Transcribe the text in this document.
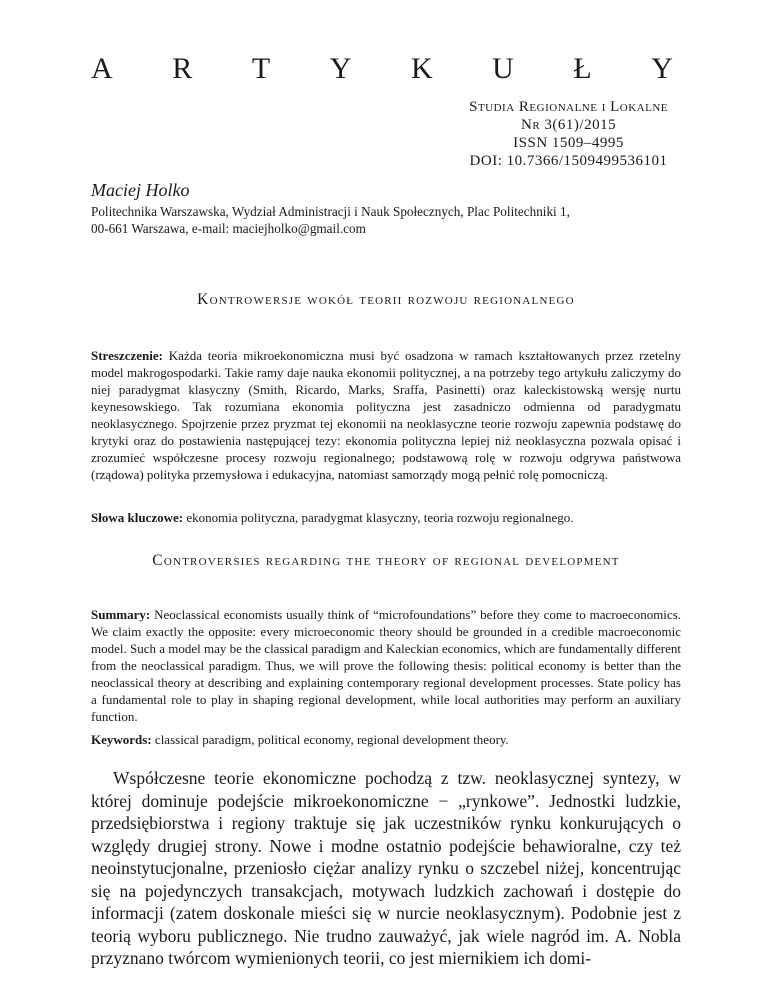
A R T Y K U Ł Y
Studia Regionalne i Lokalne
Nr 3(61)/2015
ISSN 1509–4995
DOI: 10.7366/1509499536101
Maciej Holko
Politechnika Warszawska, Wydział Administracji i Nauk Społecznych, Plac Politechniki 1,
00-661 Warszawa, e-mail: maciejholko@gmail.com
Kontrowersje wokół teorii rozwoju regionalnego
Streszczenie: Każda teoria mikroekonomiczna musi być osadzona w ramach kształtowanych przez rzetelny model makrogospodarki. Takie ramy daje nauka ekonomii politycznej, a na potrzeby tego artykułu zaliczymy do niej paradygmat klasyczny (Smith, Ricardo, Marks, Sraffa, Pasinetti) oraz kaleckistowską wersję nurtu keynesowskiego. Tak rozumiana ekonomia polityczna jest zasadniczo odmienna od paradygmatu neoklasycznego. Spojrzenie przez pryzmat tej ekonomii na neoklasyczne teorie rozwoju zapewnia podstawę do krytyki oraz do postawienia następującej tezy: ekonomia polityczna lepiej niż neoklasyczna pozwala opisać i zrozumieć współczesne procesy rozwoju regionalnego; podstawową rolę w rozwoju odgrywa państwowa (rządowa) polityka przemysłowa i edukacyjna, natomiast samorządy mogą pełnić rolę pomocniczą.
Słowa kluczowe: ekonomia polityczna, paradygmat klasyczny, teoria rozwoju regionalnego.
Controversies regarding the theory of regional development
Summary: Neoclassical economists usually think of “microfoundations” before they come to macroeconomics. We claim exactly the opposite: every microeconomic theory should be grounded in a credible macroeconomic model. Such a model may be the classical paradigm and Kaleckian economics, which are fundamentally different from the neoclassical paradigm. Thus, we will prove the following thesis: political economy is better than the neoclassical theory at describing and explaining contemporary regional development processes. State policy has a fundamental role to play in shaping regional development, while local authorities may perform an auxiliary function.
Keywords: classical paradigm, political economy, regional development theory.
Współczesne teorie ekonomiczne pochodzą z tzw. neoklasycznej syntezy, w której dominuje podejście mikroekonomiczne − „rynkowe”. Jednostki ludzkie, przedsiębiorstwa i regiony traktuje się jak uczestników rynku konkurujących o względy drugiej strony. Nowe i modne ostatnio podejście behawioralne, czy też neoinstytucjonalne, przeniosło ciężar analizy rynku o szczebel niżej, koncentrując się na pojedynczych transakcjach, motywach ludzkich zachowań i dostępie do informacji (zatem doskonale mieści się w nurcie neoklasycznym). Podobnie jest z teorią wyboru publicznego. Nie trudno zauważyć, jak wiele nagród im. A. Nobla przyznano twórcom wymienionych teorii, co jest miernikiem ich domi-
